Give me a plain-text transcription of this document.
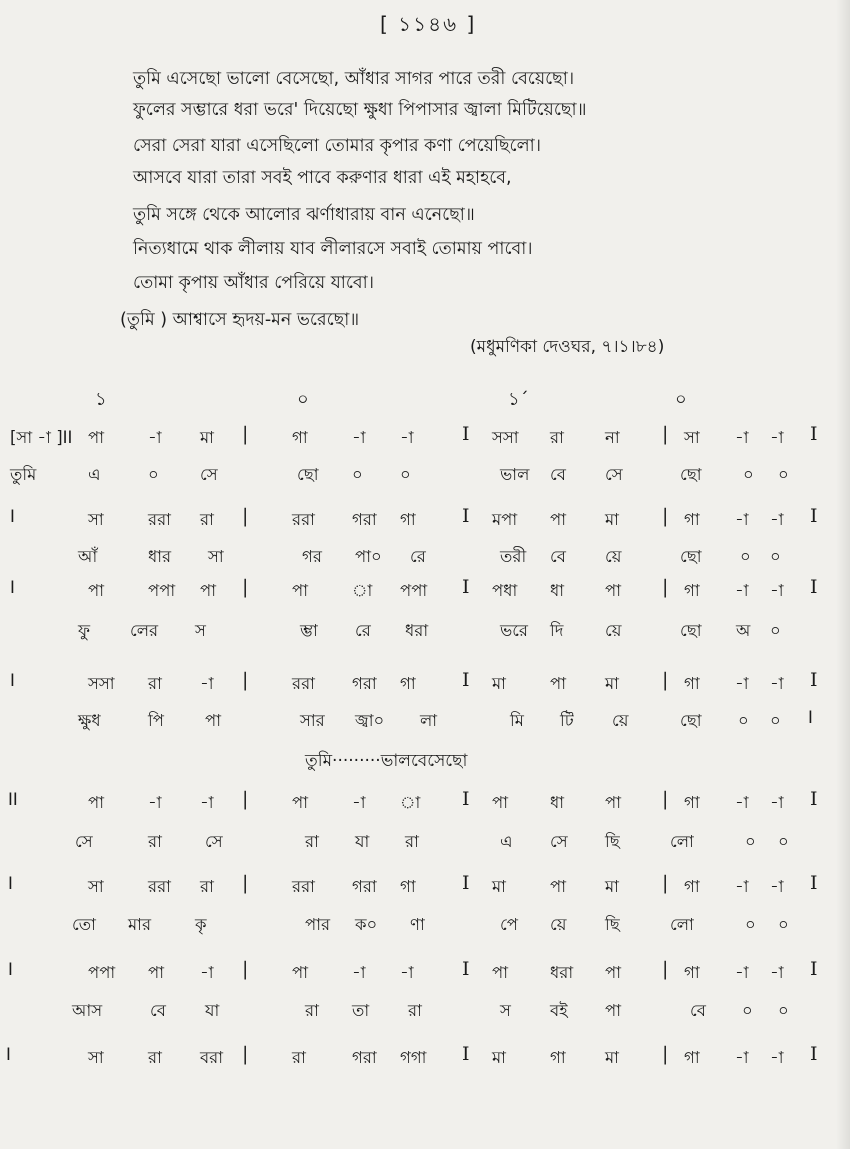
[ ১১৪৬ ]
তুমি এসেছো ভালো বেসেছো, আঁধার সাগর পারে তরী বেয়েছো।
ফুলের সম্ভারে ধরা ভরে' দিয়েছো ক্ষুধা পিপাসার জ্বালা মিটিয়েছো॥
সেরা সেরা যারা এসেছিলো তোমার কৃপার কণা পেয়েছিলো।
আসবে যারা তারা সবই পাবে করুণার ধারা এই মহাহবে,
তুমি সঙ্গে থেকে আলোর ঝর্ণাধারায় বান এনেছো॥
নিত্যধামে থাক লীলায় যাব লীলারসে সবাই তোমায় পাবো।
তোমা কৃপায় আঁধার পেরিয়ে যাবো।
(তুমি ) আশ্বাসে হৃদয়-মন ভরেছো॥
(মধুমণিকা দেওঘর, ৭।১।৮৪)
১	০	১´	০
তুমি·········ভালবেসেছো
[সা -া ]II পা	-া মা |	গা	-া -া	I সসা রা না | সা -া -া I
তুমি	এ	০	সে	ছো ০ ০	ভাল বে সে	ছো	০ ০
I	সা	ররা রা |	ররা গরা গা I মপা পা মা | গা -া -া I
আঁ	ধার সা	গর পা০ রে	তরী বে য়ে	ছো ০ ০
I	পা	পপা পা |	পা	া পপা I পধা ধা পা | গা -া -া I
ফু লের স	ম্ভা রে ধরা	ভরে দি	য়ে	ছো অ ০
I	সসা রা -া |	ররা গরা গা I মা	পা মা | গা -া -া I
ক্ষুধ	পি পা	সার জ্বা০ লা	মি টি য়ে	ছো ০ ০ I
II	পা	-া -া |	পা	-া া I পা	ধা পা | গা -া -া I
সে	রা	সে	রা যা রা	এ সে ছি	লো	০ ০
I	সা	ররা রা |	ররা গরা গা I মা	পা মা | গা -া -া I
তো মার	কৃ	পার ক০ ণা	পে য়ে ছি	লো	০ ০
I	পপা পা -া |	পা	-া -া	I পা	ধরা পা | গা -া -া I
আস	বে যা	রা তা রা	স বই পা	বে ০ ০
I	সা	রা বরা |	রা	গরা গগা I মা	গা মা | গা -া -া I
